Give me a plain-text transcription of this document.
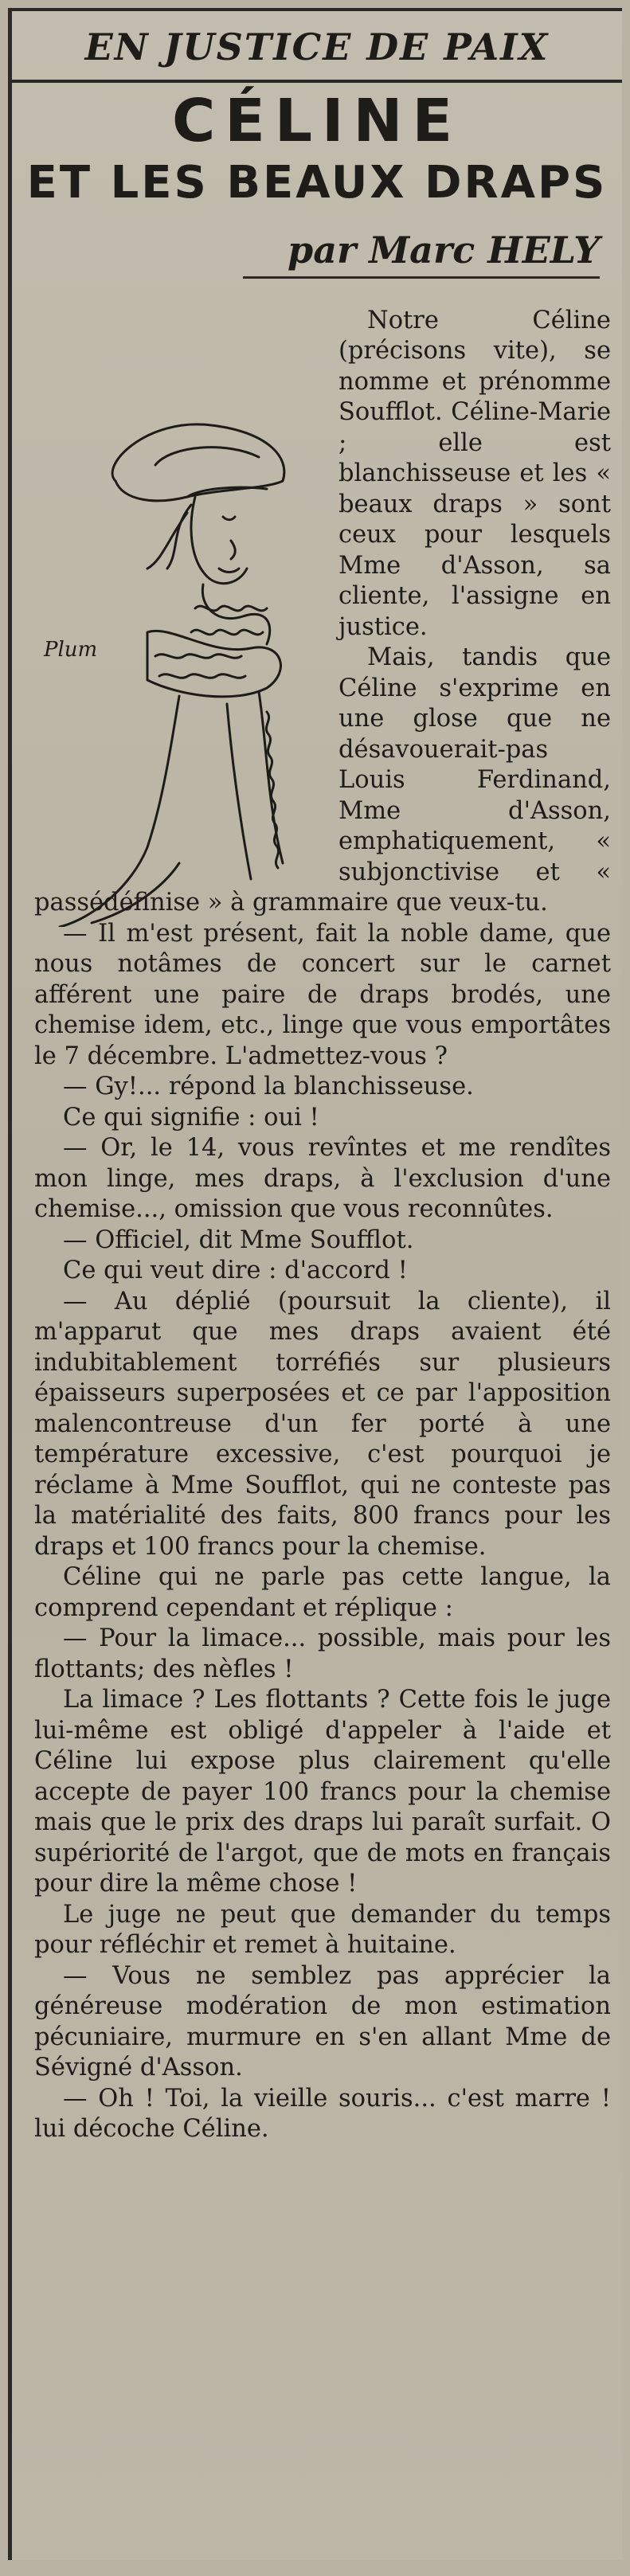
EN JUSTICE DE PAIX
CÉLINE
ET LES BEAUX DRAPS
par Marc HELY
Plum

Notre Céline (précisons vite), se nomme et prénomme Soufflot. Céline-Marie ; elle est blanchisseuse et les « beaux draps » sont ceux pour lesquels Mme d'Asson, sa cliente, l'assigne en justice.

Mais, tandis que Céline s'exprime en une glose que ne désavouerait-pas Louis Ferdinand, Mme d'Asson, emphatiquement, « subjonctivise et « passédéfinise » à grammaire que veux-tu.

— Il m'est présent, fait la noble dame, que nous notâmes de concert sur le carnet afférent une paire de draps brodés, une chemise idem, etc., linge que vous emportâtes le 7 décembre. L'admettez-vous ?

— Gy!... répond la blanchisseuse.

Ce qui signifie : oui !

— Or, le 14, vous revîntes et me rendîtes mon linge, mes draps, à l'exclusion d'une chemise..., omission que vous reconnûtes.

— Officiel, dit Mme Soufflot.

Ce qui veut dire : d'accord !

— Au déplié (poursuit la cliente), il m'apparut que mes draps avaient été indubitablement torréfiés sur plusieurs épaisseurs superposées et ce par l'apposition malencontreuse d'un fer porté à une température excessive, c'est pourquoi je réclame à Mme Soufflot, qui ne conteste pas la matérialité des faits, 800 francs pour les draps et 100 francs pour la chemise.

Céline qui ne parle pas cette langue, la comprend cependant et réplique :

— Pour la limace... possible, mais pour les flottants; des nèfles !

La limace ? Les flottants ? Cette fois le juge lui-même est obligé d'appeler à l'aide et Céline lui expose plus clairement qu'elle accepte de payer 100 francs pour la chemise mais que le prix des draps lui paraît surfait. O supériorité de l'argot, que de mots en français pour dire la même chose !

Le juge ne peut que demander du temps pour réfléchir et remet à huitaine.

— Vous ne semblez pas apprécier la généreuse modération de mon estimation pécuniaire, murmure en s'en allant Mme de Sévigné d'Asson.

— Oh ! Toi, la vieille souris... c'est marre ! lui décoche Céline.
